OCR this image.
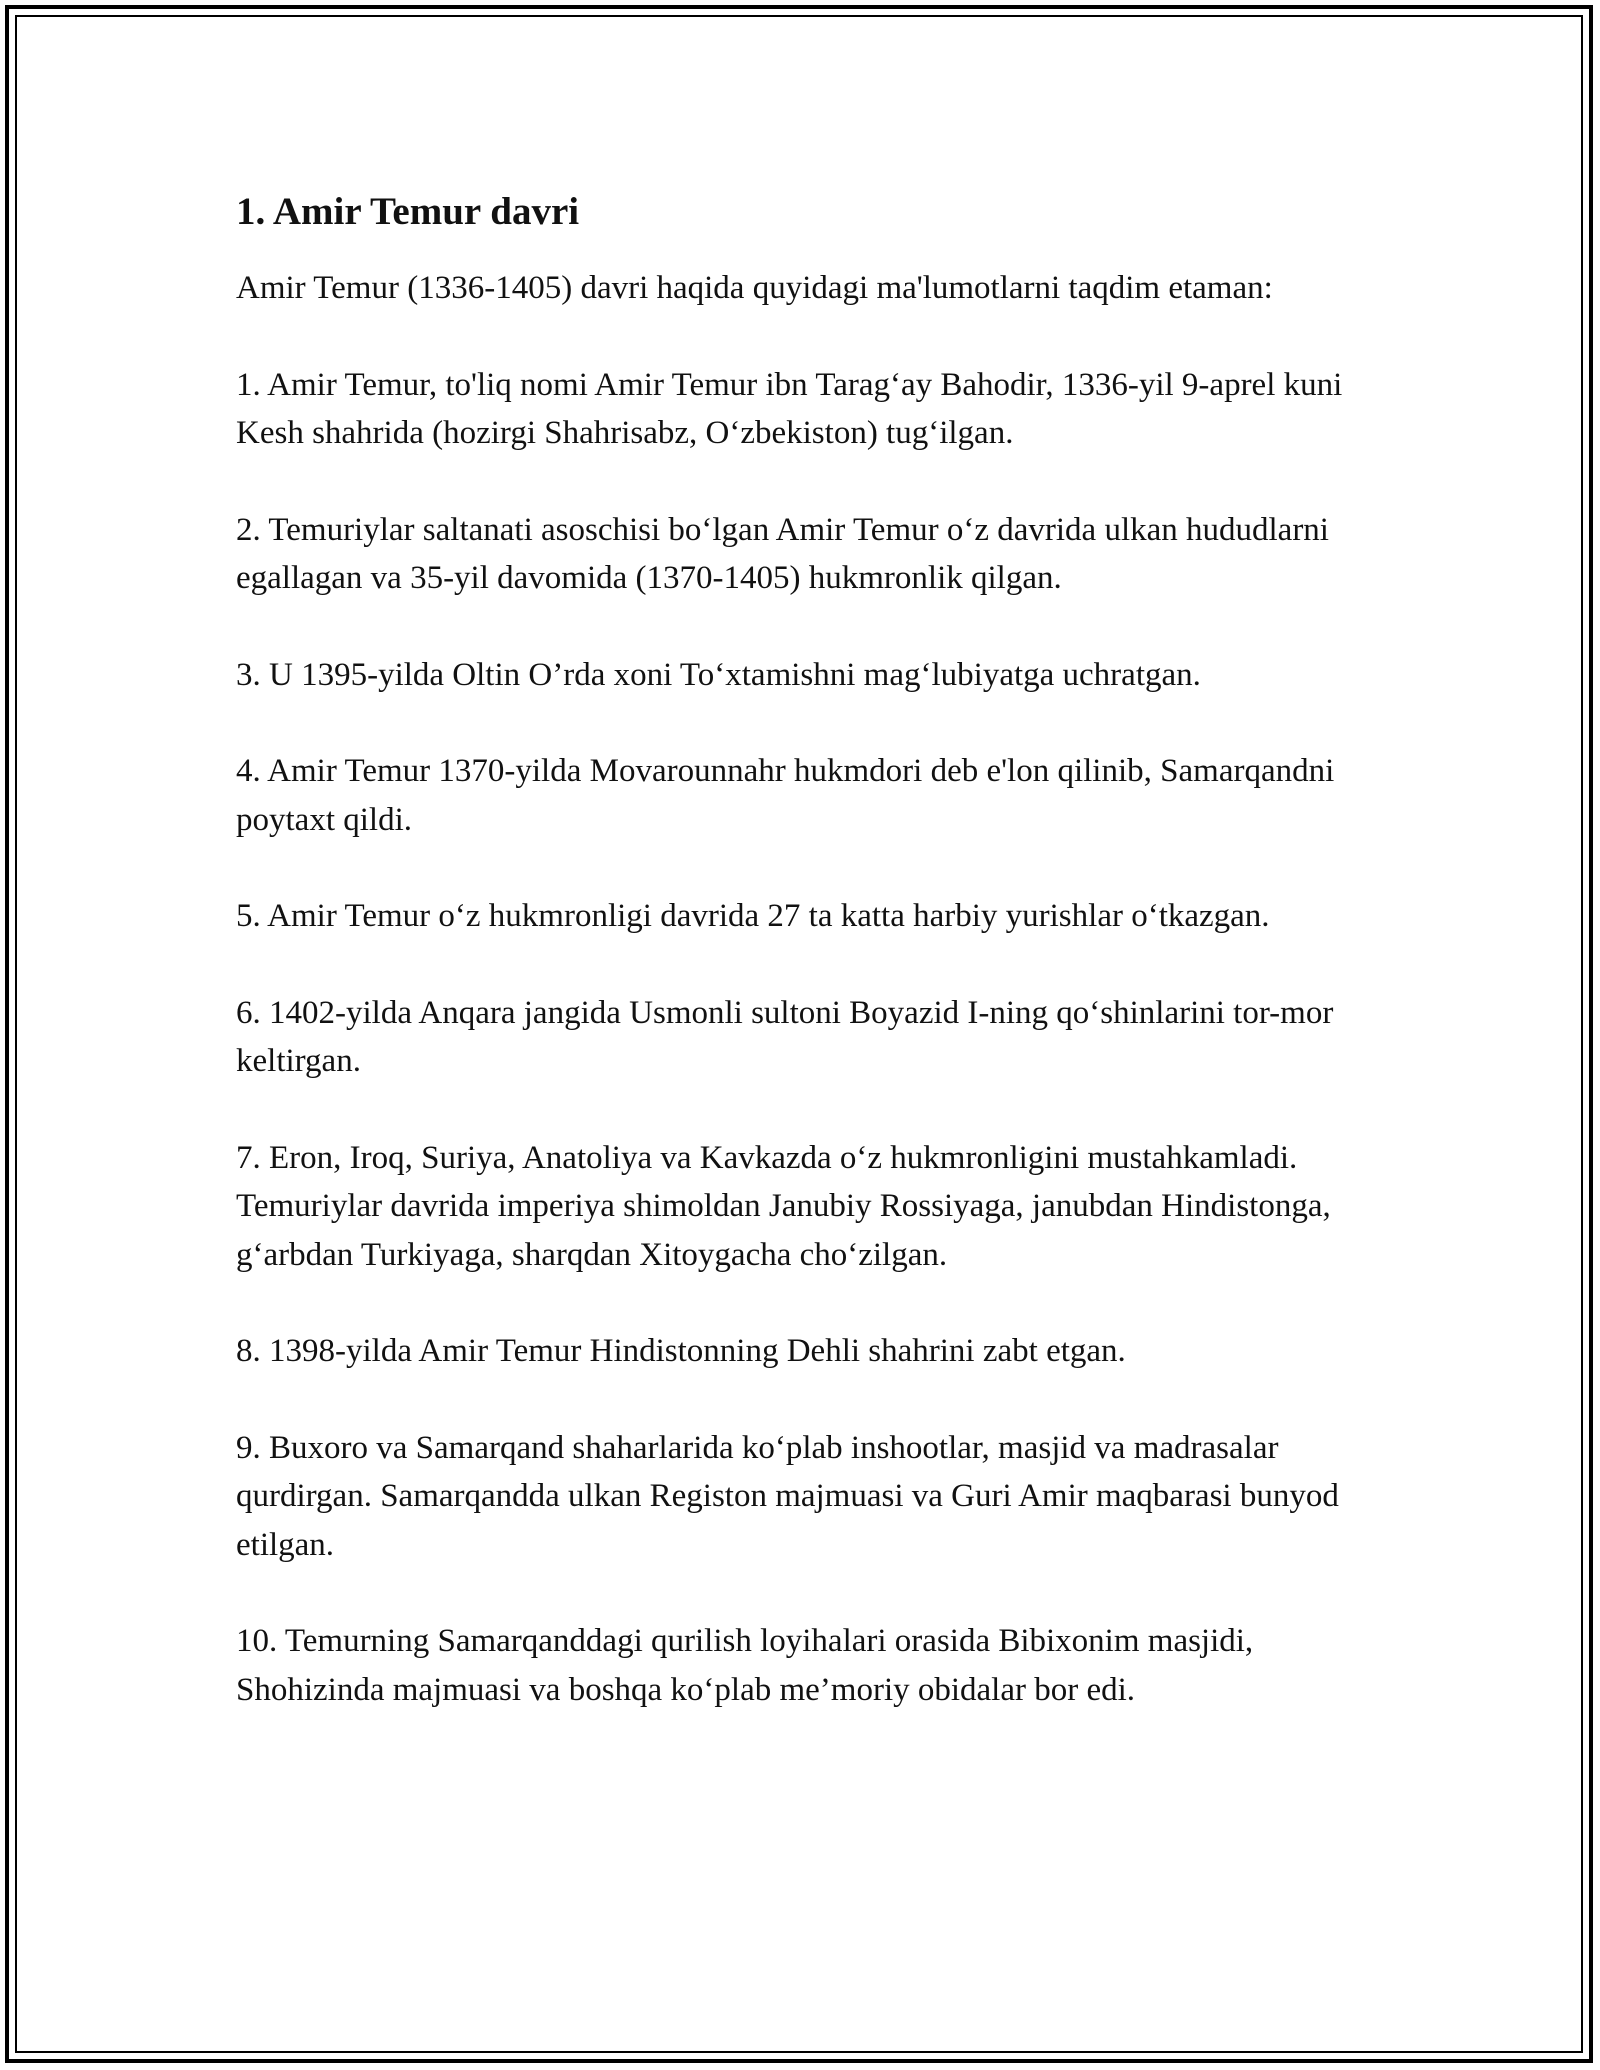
1. Amir Temur davri

Amir Temur (1336-1405) davri haqida quyidagi ma'lumotlarni taqdim etaman:

1. Amir Temur, to'liq nomi Amir Temur ibn Tarag‘ay Bahodir, 1336-yil 9-aprel kuni Kesh shahrida (hozirgi Shahrisabz, O‘zbekiston) tug‘ilgan.

2. Temuriylar saltanati asoschisi bo‘lgan Amir Temur o‘z davrida ulkan hududlarni egallagan va 35-yil davomida (1370-1405) hukmronlik qilgan.

3. U 1395-yilda Oltin O’rda xoni To‘xtamishni mag‘lubiyatga uchratgan.

4. Amir Temur 1370-yilda Movarounnahr hukmdori deb e'lon qilinib, Samarqandni poytaxt qildi.

5. Amir Temur o‘z hukmronligi davrida 27 ta katta harbiy yurishlar o‘tkazgan.

6. 1402-yilda Anqara jangida Usmonli sultoni Boyazid I-ning qo‘shinlarini tor-mor keltirgan.

7. Eron, Iroq, Suriya, Anatoliya va Kavkazda o‘z hukmronligini mustahkamladi. Temuriylar davrida imperiya shimoldan Janubiy Rossiyaga, janubdan Hindistonga, g‘arbdan Turkiyaga, sharqdan Xitoygacha cho‘zilgan.

8. 1398-yilda Amir Temur Hindistonning Dehli shahrini zabt etgan.

9. Buxoro va Samarqand shaharlarida ko‘plab inshootlar, masjid va madrasalar qurdirgan. Samarqandda ulkan Registon majmuasi va Guri Amir maqbarasi bunyod etilgan.

10. Temurning Samarqanddagi qurilish loyihalari orasida Bibixonim masjidi, Shohizinda majmuasi va boshqa ko‘plab me’moriy obidalar bor edi.
